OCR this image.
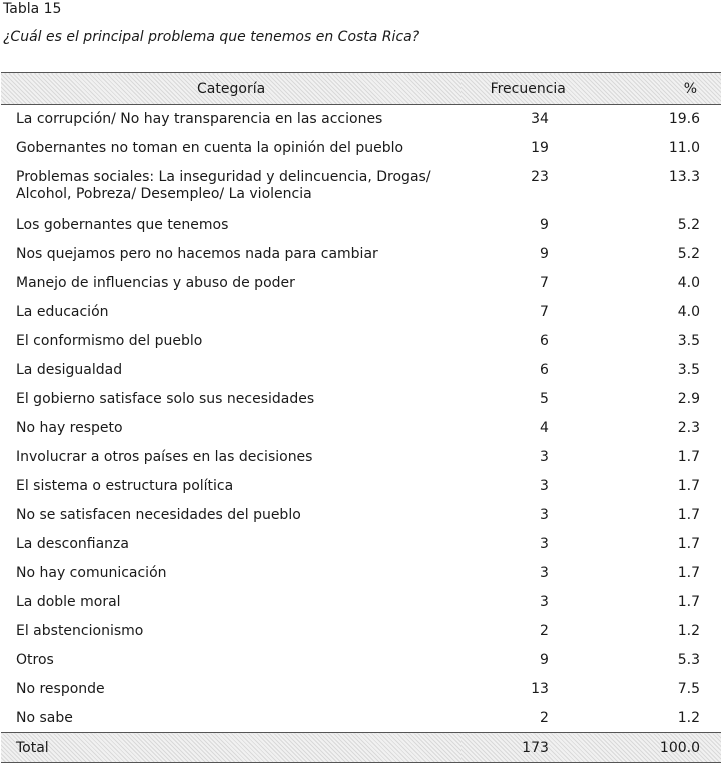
Tabla 15
¿Cuál es el principal problema que tenemos en Costa Rica?
Categoría	Frecuencia	%
La corrupción/ No hay transparencia en las acciones	34	19.6
Gobernantes no toman en cuenta la opinión del pueblo	19	11.0
Problemas sociales: La inseguridad y delincuencia, Drogas/ Alcohol, Pobreza/ Desempleo/ La violencia	23	13.3
Los gobernantes que tenemos	9	5.2
Nos quejamos pero no hacemos nada para cambiar	9	5.2
Manejo de influencias y abuso de poder	7	4.0
La educación	7	4.0
El conformismo del pueblo	6	3.5
La desigualdad	6	3.5
El gobierno satisface solo sus necesidades	5	2.9
No hay respeto	4	2.3
Involucrar a otros países en las decisiones	3	1.7
El sistema o estructura política	3	1.7
No se satisfacen necesidades del pueblo	3	1.7
La desconfianza	3	1.7
No hay comunicación	3	1.7
La doble moral	3	1.7
El abstencionismo	2	1.2
Otros	9	5.3
No responde	13	7.5
No sabe	2	1.2
Total	173	100.0
